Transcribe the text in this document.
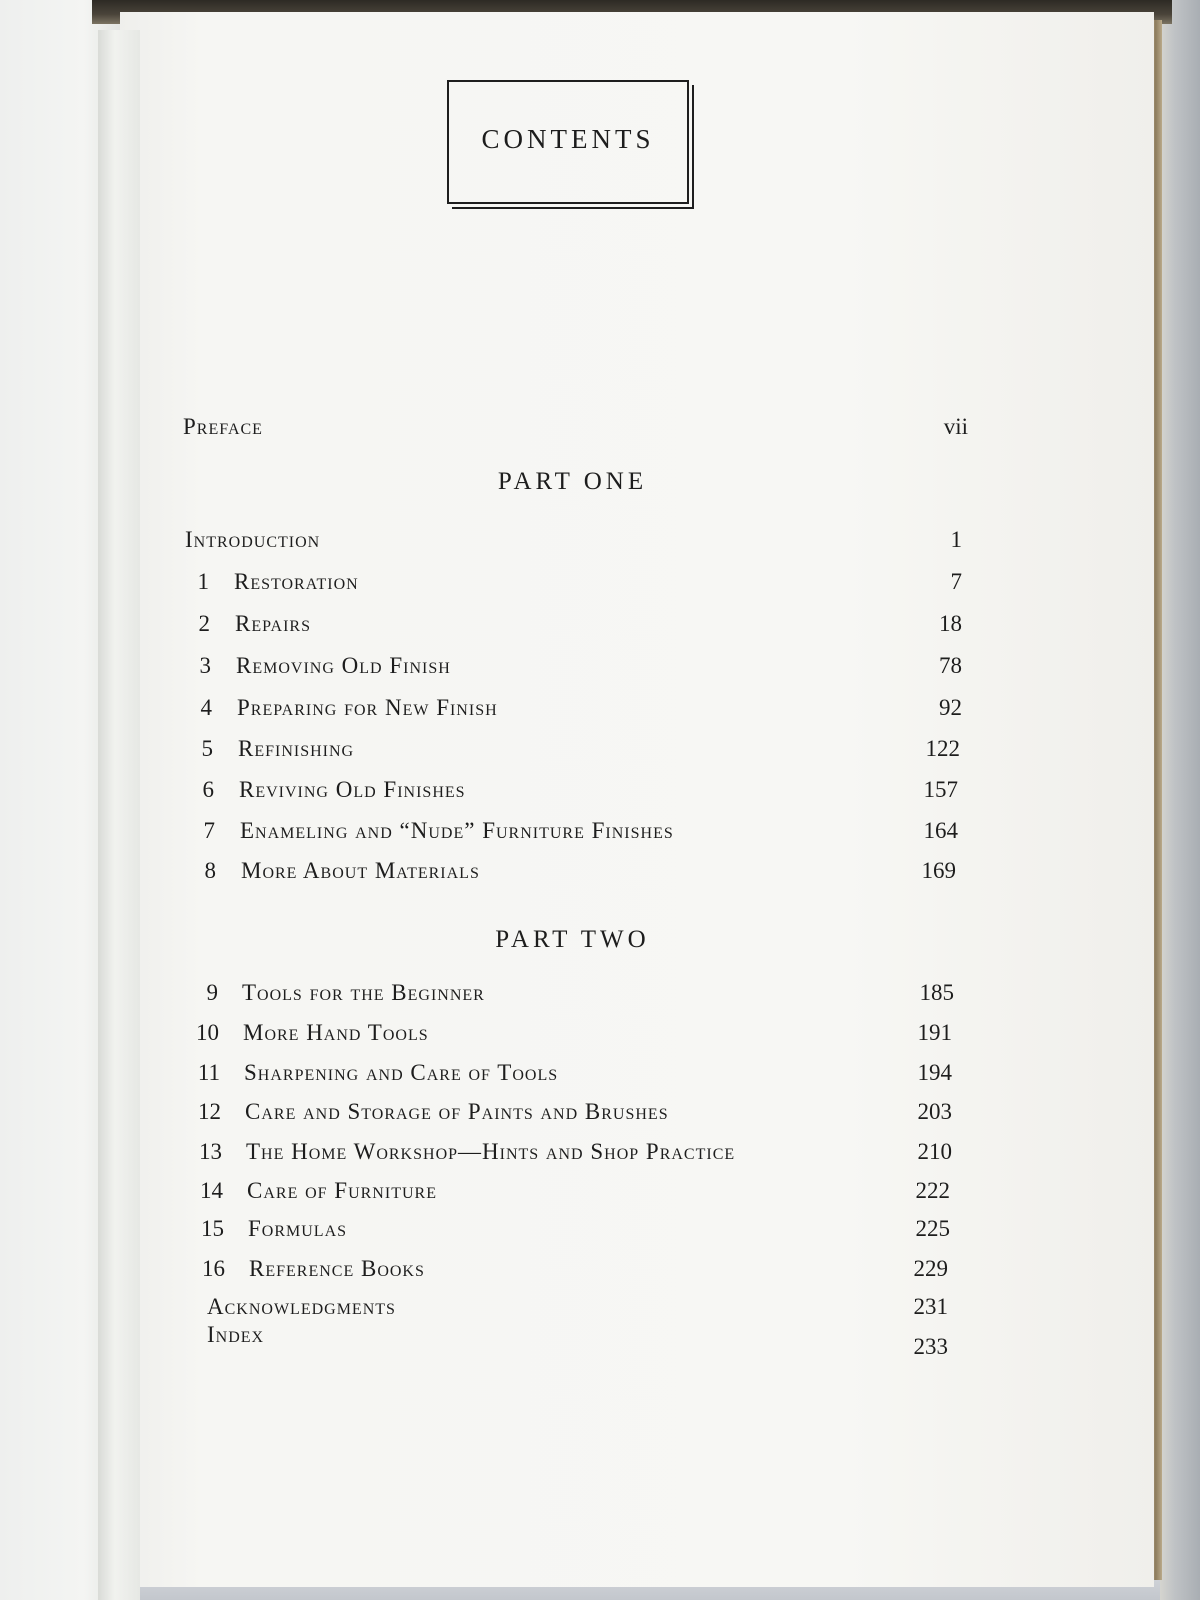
CONTENTS
Preface	vii
PART ONE
Introduction	1
1 Restoration	7
2 Repairs	18
3 Removing Old Finish	78
4 Preparing for New Finish	92
5 Refinishing	122
6 Reviving Old Finishes	157
7 Enameling and “Nude” Furniture Finishes	164
8 More About Materials	169
PART TWO
9 Tools for the Beginner	185
10 More Hand Tools	191
11 Sharpening and Care of Tools	194
12 Care and Storage of Paints and Brushes	203
13 The Home Workshop—Hints and Shop Practice	210
14 Care of Furniture	222
15 Formulas	225
16 Reference Books	229
Acknowledgments	231
Index	233
